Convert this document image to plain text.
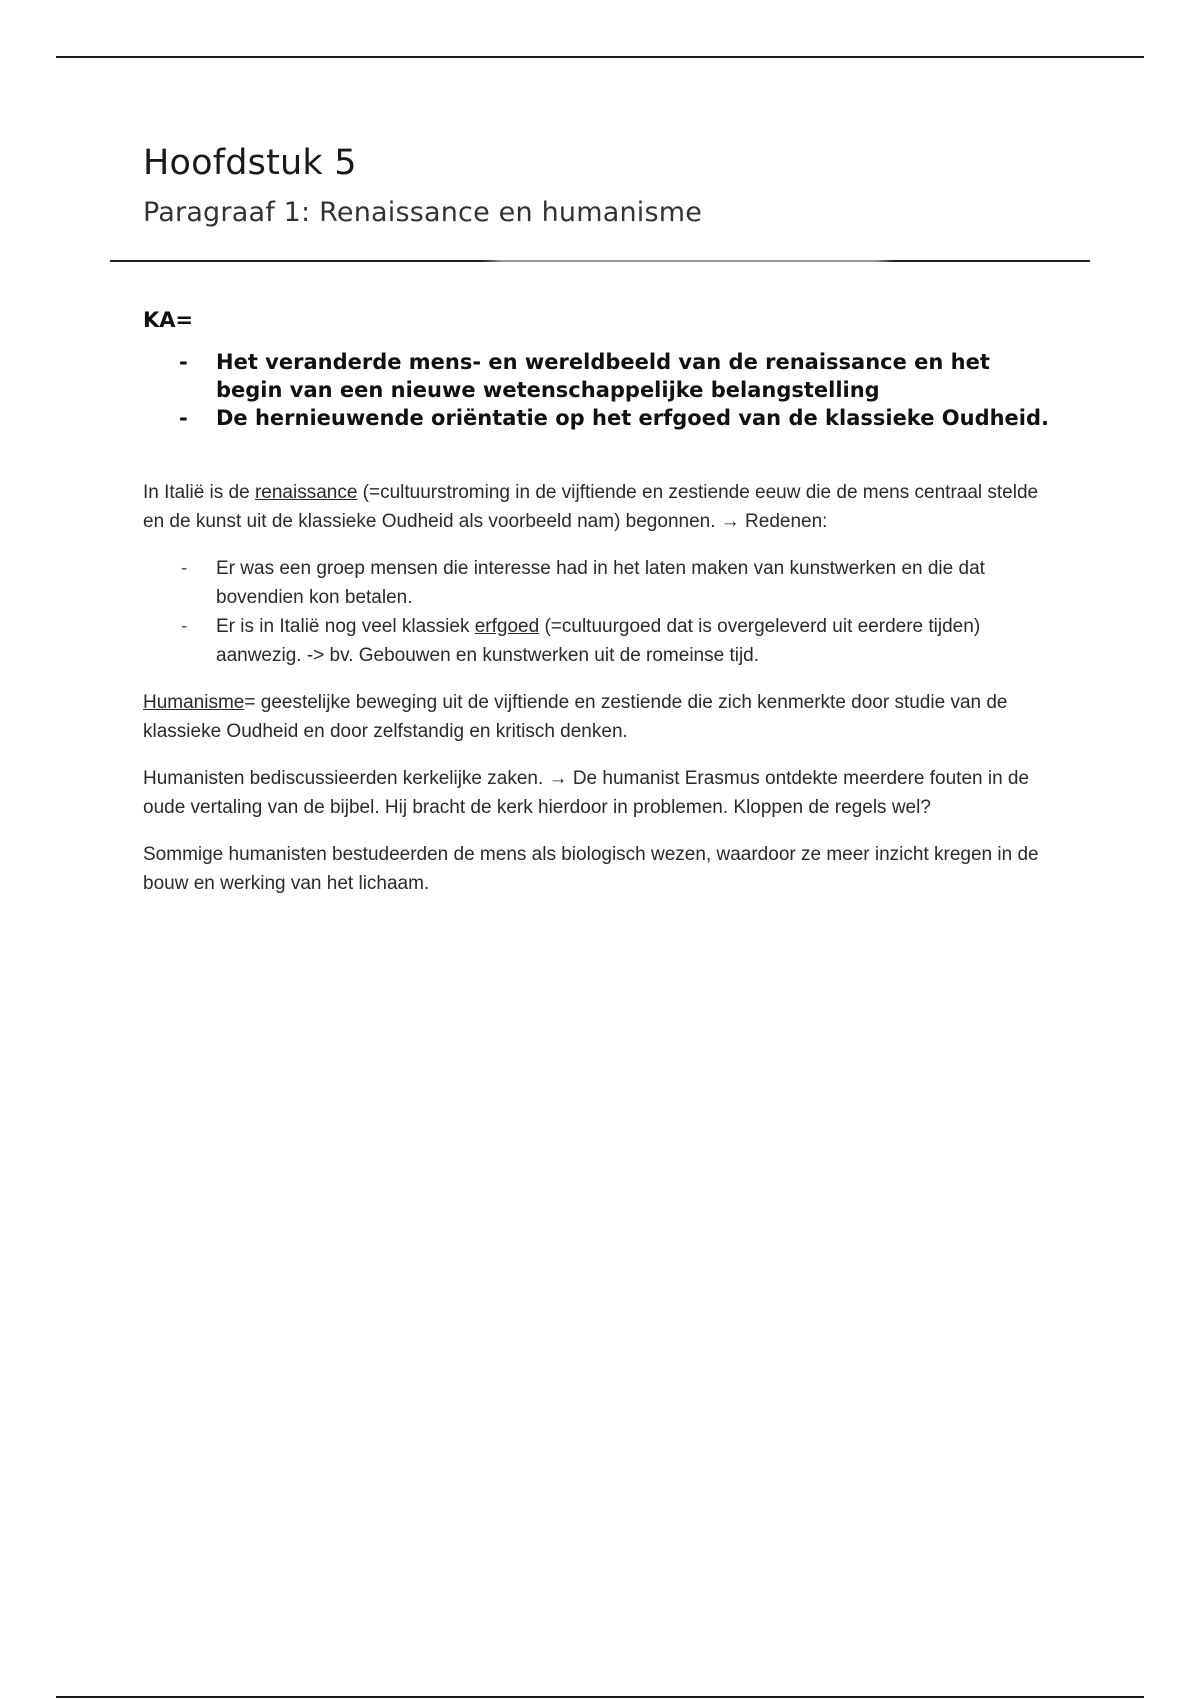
Hoofdstuk 5
Paragraaf 1: Renaissance en humanisme
KA=
- Het veranderde mens- en wereldbeeld van de renaissance en het begin van een nieuwe wetenschappelijke belangstelling
- De hernieuwende oriëntatie op het erfgoed van de klassieke Oudheid.

In Italië is de renaissance (=cultuurstroming in de vijftiende en zestiende eeuw die de mens centraal stelde en de kunst uit de klassieke Oudheid als voorbeeld nam) begonnen. → Redenen:

- Er was een groep mensen die interesse had in het laten maken van kunstwerken en die dat bovendien kon betalen.
- Er is in Italië nog veel klassiek erfgoed (=cultuurgoed dat is overgeleverd uit eerdere tijden) aanwezig. -> bv. Gebouwen en kunstwerken uit de romeinse tijd.

Humanisme= geestelijke beweging uit de vijftiende en zestiende die zich kenmerkte door studie van de klassieke Oudheid en door zelfstandig en kritisch denken.

Humanisten bediscussieerden kerkelijke zaken. → De humanist Erasmus ontdekte meerdere fouten in de oude vertaling van de bijbel. Hij bracht de kerk hierdoor in problemen. Kloppen de regels wel?

Sommige humanisten bestudeerden de mens als biologisch wezen, waardoor ze meer inzicht kregen in de bouw en werking van het lichaam.
